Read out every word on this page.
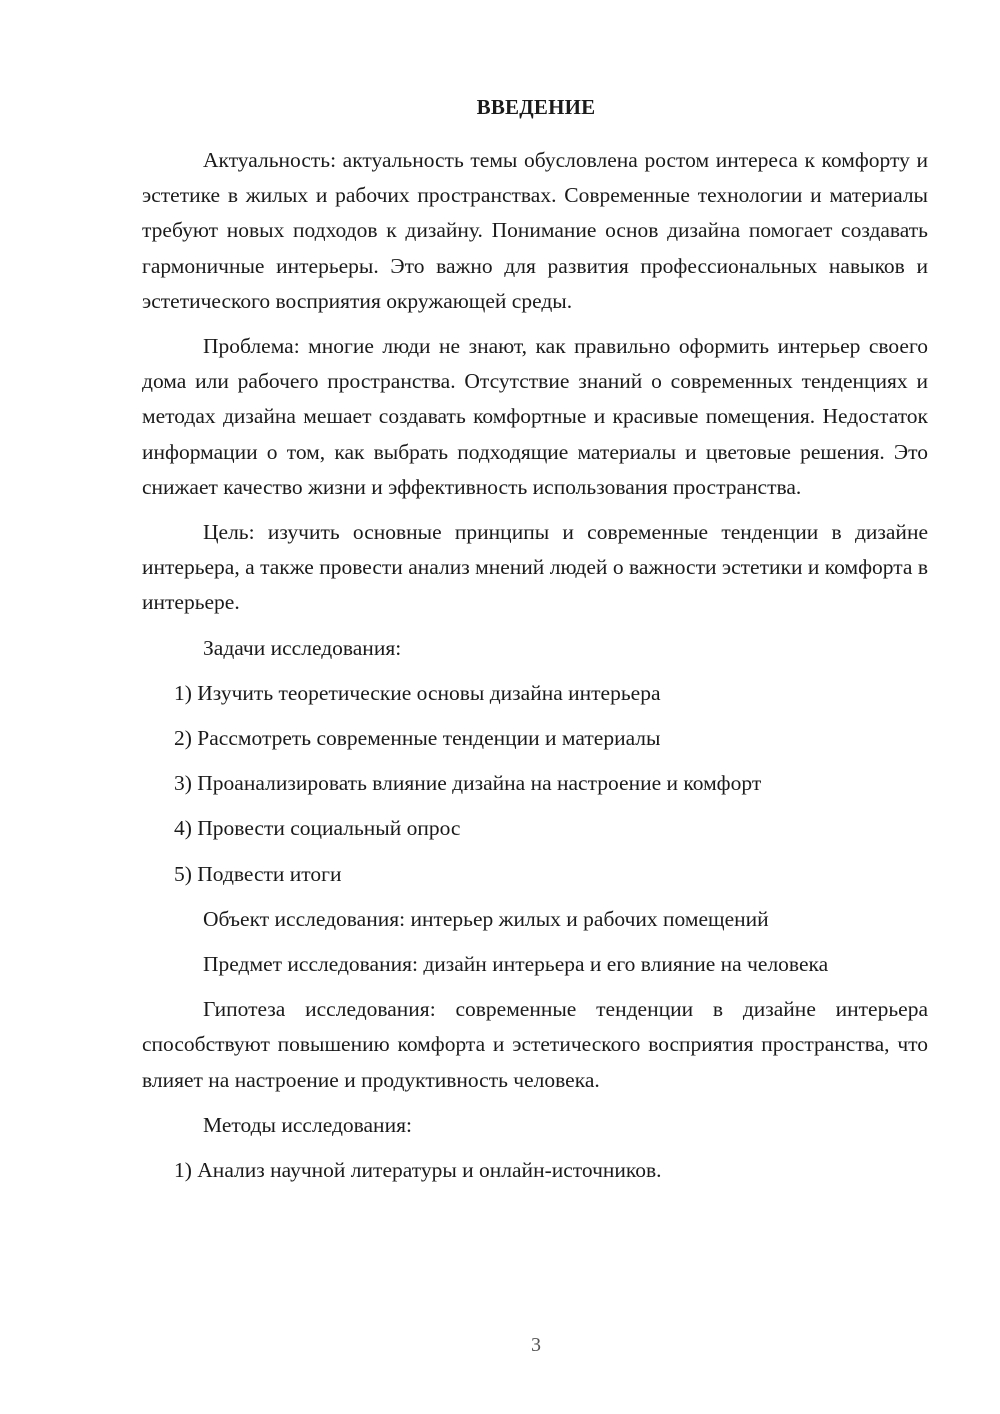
ВВЕДЕНИЕ

Актуальность: актуальность темы обусловлена ростом интереса к комфорту и эстетике в жилых и рабочих пространствах. Современные технологии и материалы требуют новых подходов к дизайну. Понимание основ дизайна помогает создавать гармоничные интерьеры. Это важно для развития профессиональных навыков и эстетического восприятия окружающей среды.

Проблема: многие люди не знают, как правильно оформить интерьер своего дома или рабочего пространства. Отсутствие знаний о современных тенденциях и методах дизайна мешает создавать комфортные и красивые помещения. Недостаток информации о том, как выбрать подходящие материалы и цветовые решения. Это снижает качество жизни и эффективность использования пространства.

Цель: изучить основные принципы и современные тенденции в дизайне интерьера, а также провести анализ мнений людей о важности эстетики и комфорта в интерьере.

Задачи исследования:

1) Изучить теоретические основы дизайна интерьера

2) Рассмотреть современные тенденции и материалы

3) Проанализировать влияние дизайна на настроение и комфорт

4) Провести социальный опрос

5) Подвести итоги

Объект исследования: интерьер жилых и рабочих помещений

Предмет исследования: дизайн интерьера и его влияние на человека

Гипотеза исследования: современные тенденции в дизайне интерьера способствуют повышению комфорта и эстетического восприятия пространства, что влияет на настроение и продуктивность человека.

Методы исследования:

1) Анализ научной литературы и онлайн-источников.

3
